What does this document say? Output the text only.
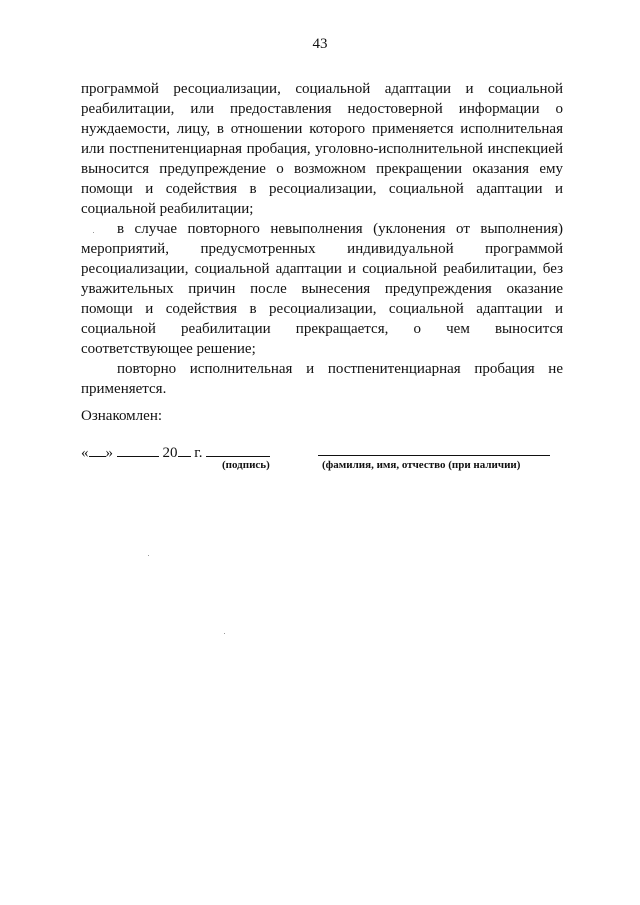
43

программой ресоциализации, социальной адаптации и социальной реабилитации, или предоставления недостоверной информации о нуждаемости, лицу, в отношении которого применяется исполнительная или постпенитенциарная пробация, уголовно-исполнительной инспекцией выносится предупреждение о возможном прекращении оказания ему помощи и содействия в ресоциализации, социальной адаптации и социальной реабилитации;

в случае повторного невыполнения (уклонения от выполнения) мероприятий, предусмотренных индивидуальной программой ресоциализации, социальной адаптации и социальной реабилитации, без уважительных причин после вынесения предупреждения оказание помощи и содействия в ресоциализации, социальной адаптации и социальной реабилитации прекращается, о чем выносится соответствующее решение;

повторно исполнительная и постпенитенциарная пробация не применяется.

Ознакомлен:
« »	20 г.
(подпись)	(фамилия, имя, отчество (при наличии)
